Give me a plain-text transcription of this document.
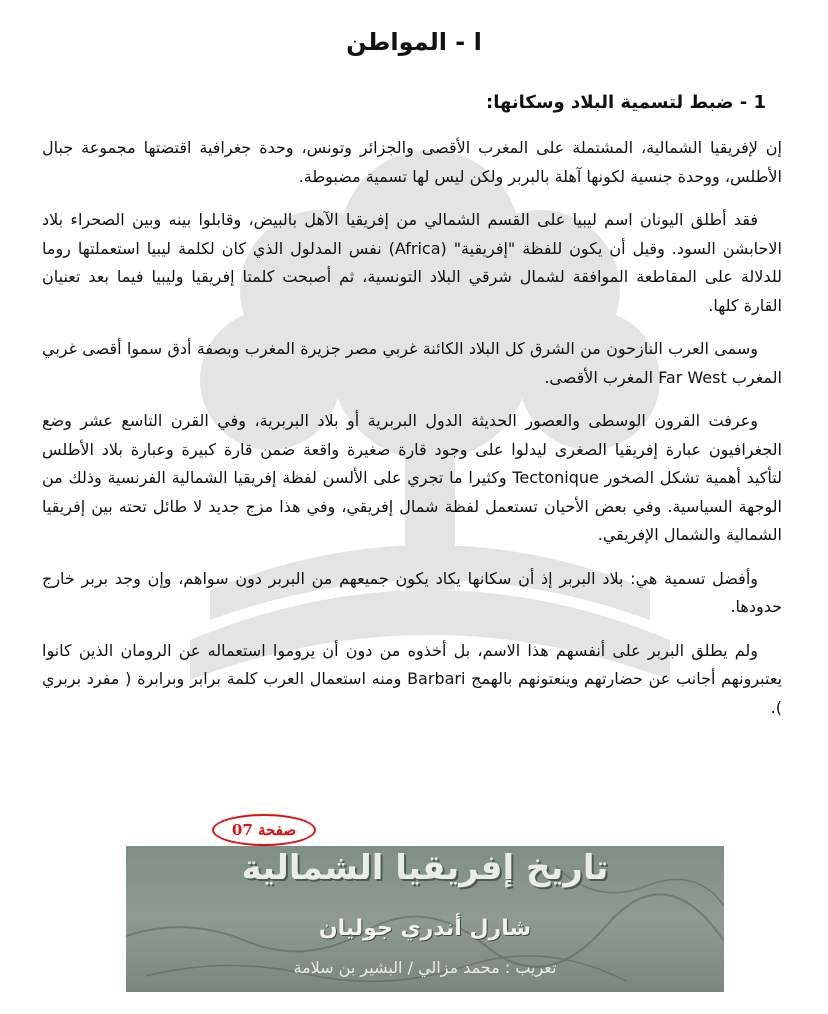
ا - المواطن
1 - ضبط لتسمية البلاد وسكانها:

إن لإفريقيا الشمالية، المشتملة على المغرب الأقصى والجزائر وتونس، وحدة جغرافية اقتضتها مجموعة جبال الأطلس، ووحدة جنسية لكونها آهلة بالبربر ولكن ليس لها تسمية مضبوطة.

فقد أطلق اليونان اسم ليبيا على القسم الشمالي من إفريقيا الآهل بالبيض، وقابلوا بينه وبين الصحراء بلاد الاحابشن السود. وقيل أن يكون للفظة "إفريقية" (Africa) نفس المدلول الذي كان لكلمة ليبيا استعملتها روما للدلالة على المقاطعة الموافقة لشمال شرقي البلاد التونسية، ثم أصبحت كلمتا إفريقيا وليبيا فيما بعد تعنيان القارة كلها.

وسمى العرب النازحون من الشرق كل البلاد الكائنة غربي مصر جزيرة المغرب وبصفة أدق سموا أقصى غربي المغرب Far West المغرب الأقصى.

وعرفت القرون الوسطى والعصور الحديثة الدول البربرية أو بلاد البربرية، وفي القرن التاسع عشر وضع الجغرافيون عبارة إفريقيا الصغرى ليدلوا على وجود قارة صغيرة واقعة ضمن قارة كبيرة وعبارة بلاد الأطلس لتأكيد أهمية تشكل الصخور Tectonique وكثيرا ما تجري على الألسن لفظة إفريقيا الشمالية الفرنسية وذلك من الوجهة السياسية. وفي بعض الأحيان تستعمل لفظة شمال إفريقي، وفي هذا مزج جديد لا طائل تحته بين إفريقيا الشمالية والشمال الإفريقي.

وأفضل تسمية هي: بلاد البربر إذ أن سكانها يكاد يكون جميعهم من البربر دون سواهم، وإن وجد بربر خارج حدودها.

ولم يطلق البربر على أنفسهم هذا الاسم، بل أخذوه من دون أن يروموا استعماله عن الرومان الذين كانوا يعتبرونهم أجانب عن حضارتهم وينعتونهم بالهمج Barbari ومنه استعمال العرب كلمة برابر وبرابرة ( مفرد بربري ).

صفحة 07
تاريخ إفريقيا الشمالية
شارل أندري جوليان
تعريب : محمد مزالي / البشير بن سلامة
